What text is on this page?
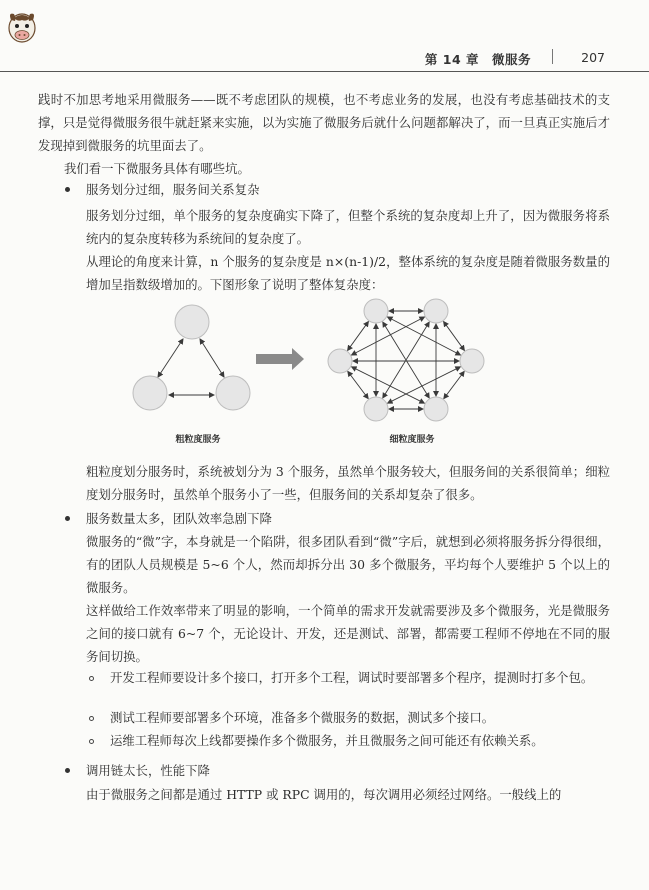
第 14 章　微服务	207

践时不加思考地采用微服务——既不考虑团队的规模，也不考虑业务的发展，也没有考虑基础技术的支撑，只是觉得微服务很牛就赶紧来实施，以为实施了微服务后就什么问题都解决了，而一旦真正实施后才发现掉到微服务的坑里面去了。

我们看一下微服务具体有哪些坑。

服务划分过细，服务间关系复杂

服务划分过细，单个服务的复杂度确实下降了，但整个系统的复杂度却上升了，因为微服务将系统内的复杂度转移为系统间的复杂度了。

从理论的角度来计算，n 个服务的复杂度是 n×(n-1)/2，整体系统的复杂度是随着微服务数量的增加呈指数级增加的。下图形象了说明了整体复杂度：

粗粒度服务	细粒度服务

粗粒度划分服务时，系统被划分为 3 个服务，虽然单个服务较大，但服务间的关系很简单；细粒度划分服务时，虽然单个服务小了一些，但服务间的关系却复杂了很多。

服务数量太多，团队效率急剧下降

微服务的“微”字，本身就是一个陷阱，很多团队看到“微”字后，就想到必须将服务拆分得很细，有的团队人员规模是 5~6 个人，然而却拆分出 30 多个微服务，平均每个人要维护 5 个以上的微服务。

这样做给工作效率带来了明显的影响，一个简单的需求开发就需要涉及多个微服务，光是微服务之间的接口就有 6~7 个，无论设计、开发，还是测试、部署，都需要工程师不停地在不同的服务间切换。

开发工程师要设计多个接口，打开多个工程，调试时要部署多个程序，提测时打多个包。

测试工程师要部署多个环境，准备多个微服务的数据，测试多个接口。

运维工程师每次上线都要操作多个微服务，并且微服务之间可能还有依赖关系。

调用链太长，性能下降

由于微服务之间都是通过 HTTP 或 RPC 调用的，每次调用必须经过网络。一般线上的
